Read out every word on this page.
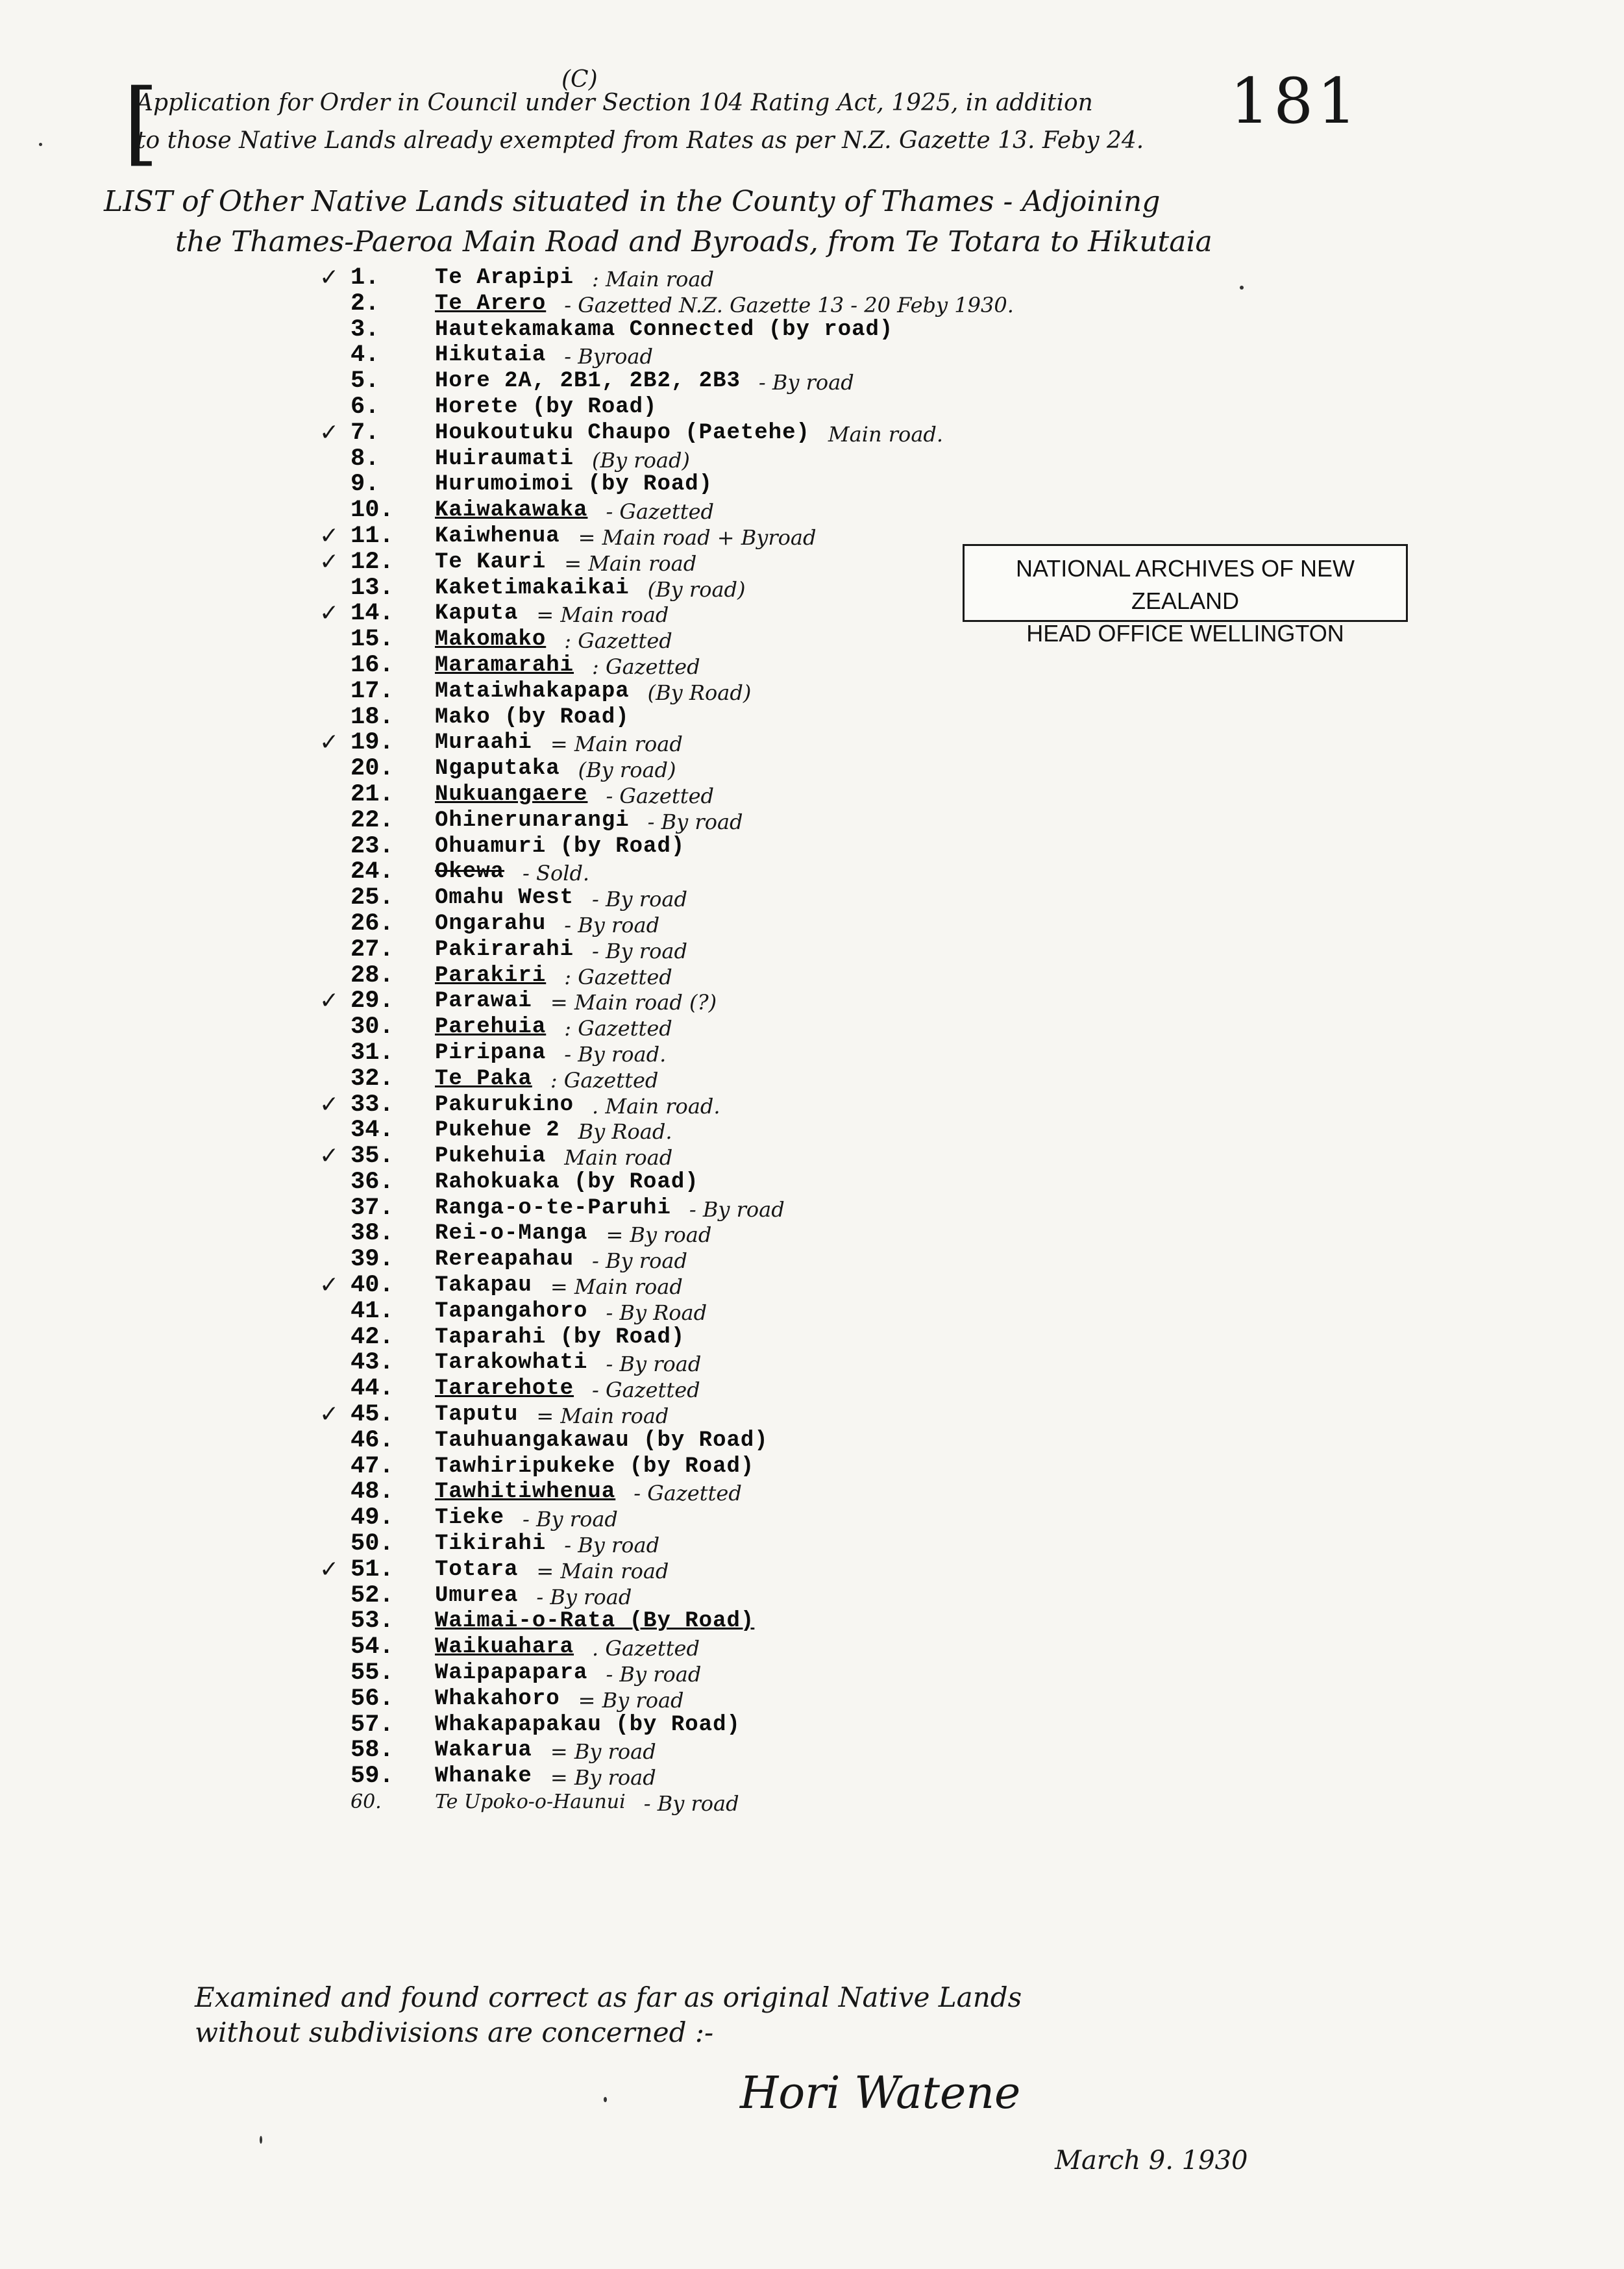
[	(C)
Application for Order in Council under Section 104 Rating Act, 1925, in addition
to those Native Lands already exempted from Rates as per N.Z. Gazette 13. Feby 24.
181
LIST of Other Native Lands situated in the County of Thames - Adjoining
the Thames-Paeroa Main Road and Byroads, from Te Totara to Hikutaia
NATIONAL ARCHIVES OF NEW ZEALAND
HEAD OFFICE WELLINGTON
✓ 1.	Te Arapipi : Main road
2.	Te Arero - Gazetted N.Z. Gazette 13 - 20 Feby 1930.
3.	Hautekamakama Connected (by road)
4.	Hikutaia - Byroad
5.	Hore 2A, 2B1, 2B2, 2B3 - By road
6.	Horete (by Road)
✓ 7.	Houkoutuku Chaupo (Paetehe) Main road.
8.	Huiraumati (By road)
9.	Hurumoimoi (by Road)
10.	Kaiwakawaka - Gazetted
✓ 11.	Kaiwhenua = Main road + Byroad
✓ 12.	Te Kauri = Main road
13.	Kaketimakaikai (By road)
✓ 14.	Kaputa = Main road
15.	Makomako : Gazetted
16.	Maramarahi : Gazetted
17.	Mataiwhakapapa (By Road)
18.	Mako (by Road)
✓ 19.	Muraahi = Main road
20.	Ngaputaka (By road)
21.	Nukuangaere - Gazetted
22.	Ohinerunarangi - By road
23.	Ohuamuri (by Road)
24.	Okewa - Sold.
25.	Omahu West - By road
26.	Ongarahu - By road
27.	Pakirarahi - By road
28.	Parakiri : Gazetted
✓ 29.	Parawai = Main road (?)
30.	Parehuia : Gazetted
31.	Piripana - By road.
32.	Te Paka : Gazetted
✓ 33.	Pakurukino . Main road.
34.	Pukehue 2 By Road.
✓ 35.	Pukehuia Main road
36.	Rahokuaka (by Road)
37.	Ranga-o-te-Paruhi - By road
38.	Rei-o-Manga = By road
39.	Rereapahau - By road
✓ 40.	Takapau = Main road
41.	Tapangahoro - By Road
42.	Taparahi (by Road)
43.	Tarakowhati - By road
44.	Tararehote - Gazetted
✓ 45.	Taputu = Main road
46.	Tauhuangakawau (by Road)
47.	Tawhiripukeke (by Road)
48.	Tawhitiwhenua - Gazetted
49.	Tieke - By road
50.	Tikirahi - By road
✓ 51.	Totara = Main road
52.	Umurea - By road
53.	Waimai-o-Rata (By Road)
54.	Waikuahara . Gazetted
55.	Waipapapara - By road
56.	Whakahoro = By road
57.	Whakapapakau (by Road)
58.	Wakarua = By road
59.	Whanake = By road
60.	Te Upoko-o-Haunui - By road
Examined and found correct as far as original Native Lands
without subdivisions are concerned :-
Hori Watene
March 9. 1930
